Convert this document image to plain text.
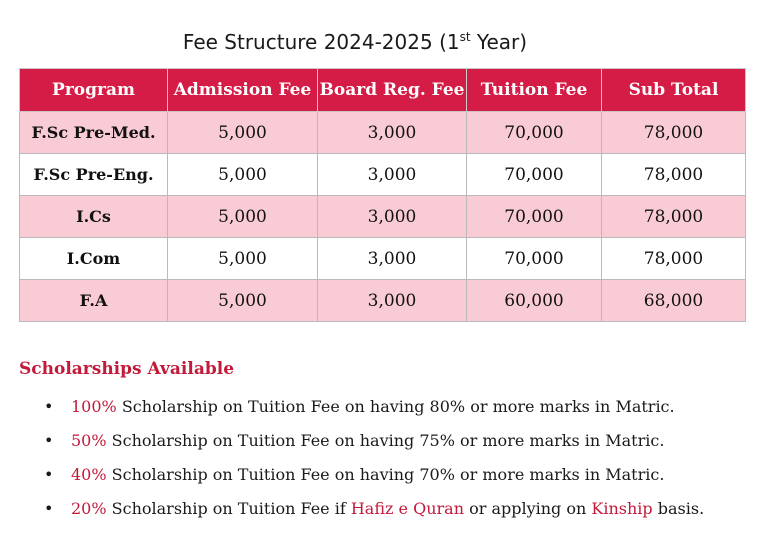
Fee Structure 2024-2025 (1st Year)
Program	Admission Fee	Board Reg. Fee	Tuition Fee	Sub Total
F.Sc Pre-Med.	5,000	3,000	70,000	78,000
F.Sc Pre-Eng.	5,000	3,000	70,000	78,000
I.Cs	5,000	3,000	70,000	78,000
I.Com	5,000	3,000	70,000	78,000
F.A	5,000	3,000	60,000	68,000
Scholarships Available
• 100% Scholarship on Tuition Fee on having 80% or more marks in Matric.
• 50% Scholarship on Tuition Fee on having 75% or more marks in Matric.
• 40% Scholarship on Tuition Fee on having 70% or more marks in Matric.
• 20% Scholarship on Tuition Fee if Hafiz e Quran or applying on Kinship basis.
